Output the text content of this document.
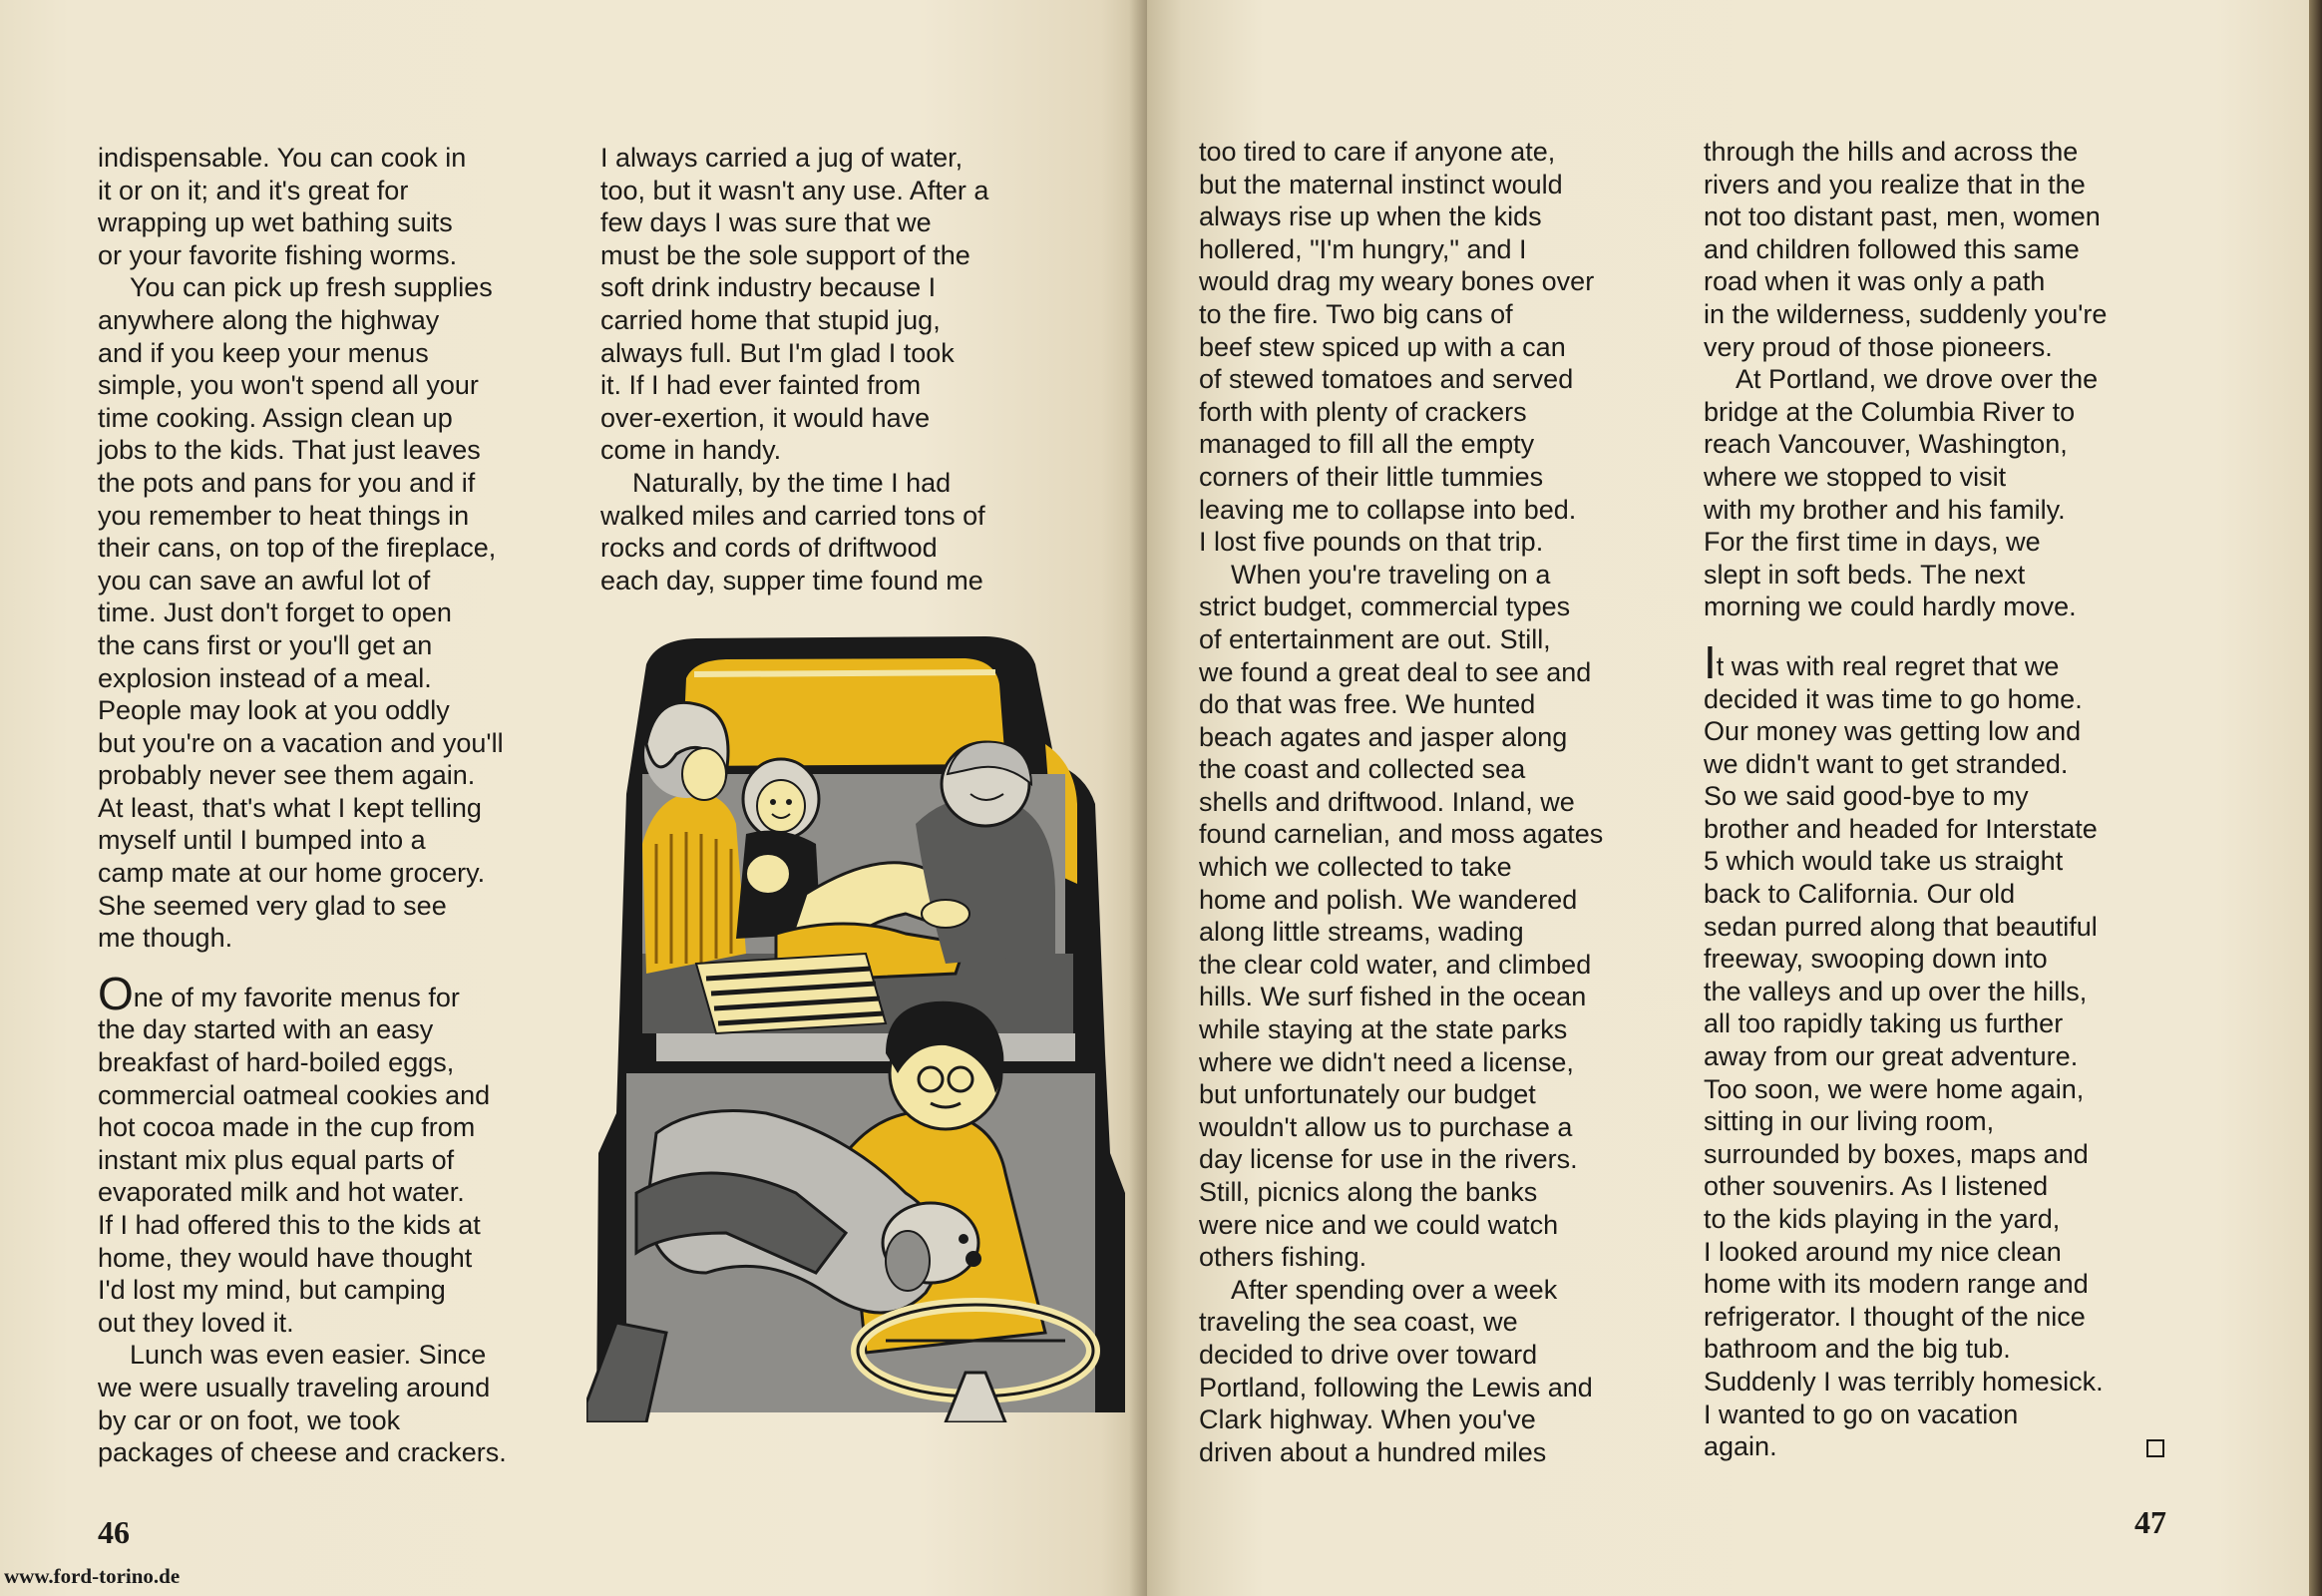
indispensable. You can cook in

it or on it; and it's great for

wrapping up wet bathing suits

or your favorite fishing worms.

You can pick up fresh supplies

anywhere along the highway

and if you keep your menus

simple, you won't spend all your

time cooking. Assign clean up

jobs to the kids. That just leaves

the pots and pans for you and if

you remember to heat things in

their cans, on top of the fireplace,

you can save an awful lot of

time. Just don't forget to open

the cans first or you'll get an

explosion instead of a meal.

People may look at you oddly

but you're on a vacation and you'll

probably never see them again.

At least, that's what I kept telling

myself until I bumped into a

camp mate at our home grocery.

She seemed very glad to see

me though.

One of my favorite menus for

the day started with an easy

breakfast of hard-boiled eggs,

commercial oatmeal cookies and

hot cocoa made in the cup from

instant mix plus equal parts of

evaporated milk and hot water.

If I had offered this to the kids at

home, they would have thought

I'd lost my mind, but camping

out they loved it.

Lunch was even easier. Since

we were usually traveling around

by car or on foot, we took

packages of cheese and crackers.

I always carried a jug of water,

too, but it wasn't any use. After a

few days I was sure that we

must be the sole support of the

soft drink industry because I

carried home that stupid jug,

always full. But I'm glad I took

it. If I had ever fainted from

over-exertion, it would have

come in handy.

Naturally, by the time I had

walked miles and carried tons of

rocks and cords of driftwood

each day, supper time found me

46

too tired to care if anyone ate,

but the maternal instinct would

always rise up when the kids

hollered, "I'm hungry," and I

would drag my weary bones over

to the fire. Two big cans of

beef stew spiced up with a can

of stewed tomatoes and served

forth with plenty of crackers

managed to fill all the empty

corners of their little tummies

leaving me to collapse into bed.

I lost five pounds on that trip.

When you're traveling on a

strict budget, commercial types

of entertainment are out. Still,

we found a great deal to see and

do that was free. We hunted

beach agates and jasper along

the coast and collected sea

shells and driftwood. Inland, we

found carnelian, and moss agates

which we collected to take

home and polish. We wandered

along little streams, wading

the clear cold water, and climbed

hills. We surf fished in the ocean

while staying at the state parks

where we didn't need a license,

but unfortunately our budget

wouldn't allow us to purchase a

day license for use in the rivers.

Still, picnics along the banks

were nice and we could watch

others fishing.

After spending over a week

traveling the sea coast, we

decided to drive over toward

Portland, following the Lewis and

Clark highway. When you've

driven about a hundred miles

through the hills and across the

rivers and you realize that in the

not too distant past, men, women

and children followed this same

road when it was only a path

in the wilderness, suddenly you're

very proud of those pioneers.

At Portland, we drove over the

bridge at the Columbia River to

reach Vancouver, Washington,

where we stopped to visit

with my brother and his family.

For the first time in days, we

slept in soft beds. The next

morning we could hardly move.

It was with real regret that we

decided it was time to go home.

Our money was getting low and

we didn't want to get stranded.

So we said good-bye to my

brother and headed for Interstate

5 which would take us straight

back to California. Our old

sedan purred along that beautiful

freeway, swooping down into

the valleys and up over the hills,

all too rapidly taking us further

away from our great adventure.

Too soon, we were home again,

sitting in our living room,

surrounded by boxes, maps and

other souvenirs. As I listened

to the kids playing in the yard,

I looked around my nice clean

home with its modern range and

refrigerator. I thought of the nice

bathroom and the big tub.

Suddenly I was terribly homesick.

I wanted to go on vacation

again.

47
www.ford-torino.de
